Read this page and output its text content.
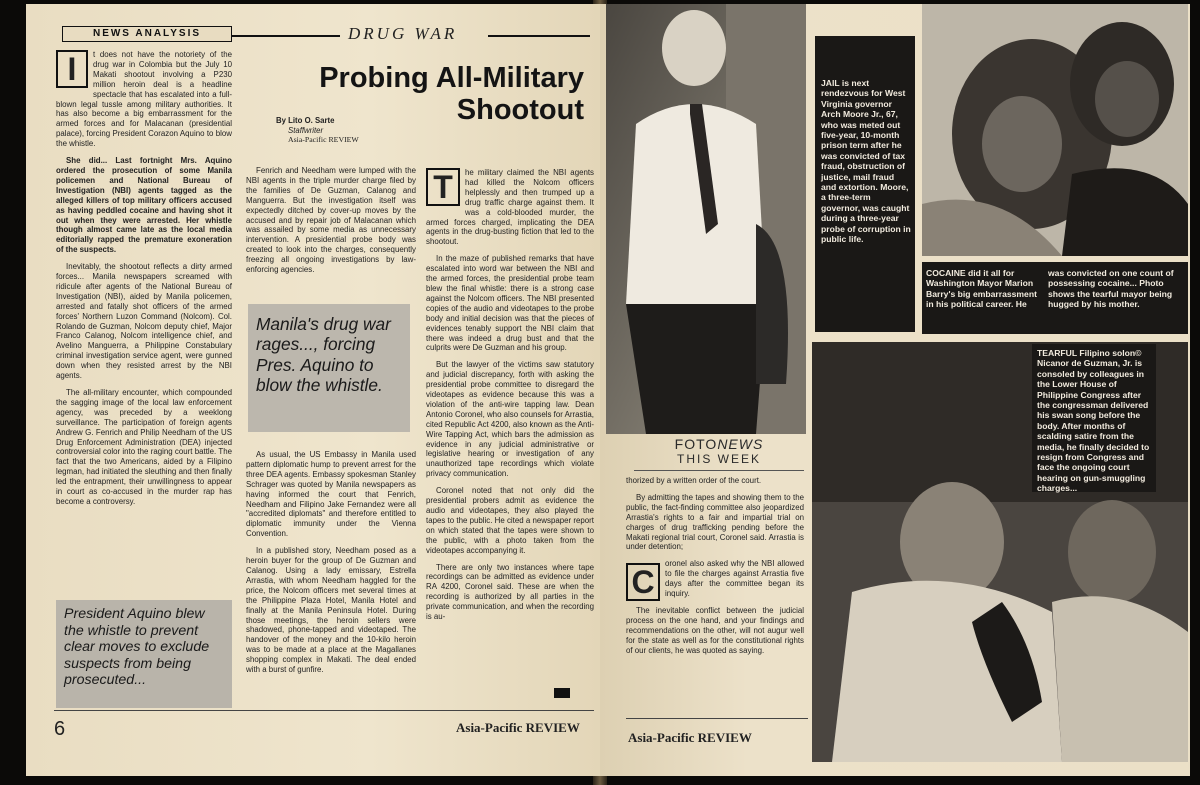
NEWS ANALYSIS	DRUG WAR
I	t does not have the notoriety of the drug war in Colombia but the July 10 Makati shootout involving a P230 million heroin deal is a headline spectacle that has escalated into a full-blown legal tussle among military authorities. It has also become a big embarrassment for the armed forces and for Malacanan (presidential palace), forcing President Corazon Aquino to blow the whistle.

She did... Last fortnight Mrs. Aquino ordered the prosecution of some Manila policemen and National Bureau of Investigation (NBI) agents tagged as the alleged killers of top military officers accused as having peddled cocaine and having shot it out when they were arrested. Her whistle though almost came late as the local media editorially rapped the premature exoneration of the suspects.

Inevitably, the shootout reflects a dirty armed forces... Manila newspapers screamed with ridicule after agents of the National Bureau of Investigation (NBI), aided by Manila policemen, arrested and fatally shot officers of the armed forces' Northern Luzon Command (Nolcom). Col. Rolando de Guzman, Nolcom deputy chief, Major Franco Calanog, Nolcom intelligence chief, and Avelino Manguerra, a Philippine Constabulary criminal investigation service agent, were gunned down when they resisted arrest by the NBI agents.

The all-military encounter, which compounded the sagging image of the local law enforcement agency, was preceded by a weeklong surveillance. The participation of foreign agents Andrew G. Fenrich and Philip Needham of the US Drug Enforcement Administration (DEA) injected controversial color into the raging court battle. The fact that the two Americans, aided by a Filipino legman, had initiated the sleuthing and then finally led the entrapment, their unwillingness to appear in court as co-accused in the murder rap has become a controversy.

President Aquino blew the whistle to prevent clear moves to exclude suspects from being prosecuted...
Probing All-Military
Shootout
By Lito O. Sarte
Staffwriter
Asia-Pacific REVIEW

Fenrich and Needham were lumped with the NBI agents in the triple murder charge filed by the families of De Guzman, Calanog and Manguerra. But the investigation itself was expectedly ditched by cover-up moves by the accused and by repair job of Malacanan which was assailed by some media as unnecessary intervention. A presidential probe body was created to look into the charges, consequently freezing all ongoing investigations by law-enforcing agencies.

Manila's drug war rages..., forcing Pres. Aquino to blow the whistle.

As usual, the US Embassy in Manila used pattern diplomatic hump to prevent arrest for the three DEA agents. Embassy spokesman Stanley Schrager was quoted by Manila newspapers as having informed the court that Fenrich, Needham and Filipino Jake Fernandez were all "accredited diplomats" and therefore entitled to diplomatic immunity under the Vienna Convention.

In a published story, Needham posed as a heroin buyer for the group of De Guzman and Calanog. Using a lady emissary, Estrella Arrastia, with whom Needham haggled for the price, the Nolcom officers met several times at the Philippine Plaza Hotel, Manila Hotel and finally at the Manila Peninsula Hotel. During those meetings, the heroin sellers were shadowed, phone-tapped and videotaped. The handover of the money and the 10-kilo heroin was to be made at a place at the Magallanes shopping complex in Makati. The deal ended with a burst of gunfire.

T	he military claimed the NBI agents had killed the Nolcom officers helplessly and then trumped up a drug traffic charge against them. It was a cold-blooded murder, the armed forces charged, implicating the DEA agents in the drug-busting fiction that led to the shootout.

In the maze of published remarks that have escalated into word war between the NBI and the armed forces, the presidential probe team blew the final whistle: there is a strong case against the Nolcom officers. The NBI presented copies of the audio and videotapes to the probe body and initial decision was that the pieces of evidences tenably support the NBI claim that there was indeed a drug bust and that the culprits were De Guzman and his group.

But the lawyer of the victims saw statutory and judicial discrepancy, forth with asking the presidential probe committee to disregard the videotapes as evidence because this was a violation of the anti-wire tapping law. Dean Antonio Coronel, who also counsels for Arrastia, cited Republic Act 4200, also known as the Anti-Wire Tapping Act, which bars the admission as evidence in any judicial administrative or legislative hearing or investigation of any unauthorized tape recordings which violate privacy communication.

Coronel noted that not only did the presidential probers admit as evidence the audio and videotapes, they also played the tapes to the public. He cited a newspaper report on which stated that the tapes were shown to the public, with a photo taken from the videotapes accompanying it.

There are only two instances where tape recordings can be admitted as evidence under RA 4200, Coronel said. These are when the recording is authorized by all parties in the private communication, and when the recording is au-

6	Asia-Pacific REVIEW
JAIL is next rendezvous for West Virginia governor Arch Moore Jr., 67, who was meted out five-year, 10-month prison term after he was convicted of tax fraud, obstruction of justice, mail fraud and extortion. Moore, a three-term governor, was caught during a three-year probe of corruption in public life.
COCAINE did it all for Washington Mayor Marion Barry's big embarrassment in his political career. He
was convicted on one count of possessing cocaine... Photo shows the tearful mayor being hugged by his mother.
FOTONEWS
THIS WEEK

thorized by a written order of the court.

By admitting the tapes and showing them to the public, the fact-finding committee also jeopardized Arrastia's rights to a fair and impartial trial on charges of drug trafficking pending before the Makati regional trial court, Coronel said. Arrastia is under detention;

C

oronel also asked why the NBI allowed to file the charges against Arrastia five days after the committee began its inquiry.

The inevitable conflict between the judicial process on the one hand, and your findings and recommendations on the other, will not augur well for the state as well as for the constitutional rights of our clients, he was quoted as saying.

TEARFUL Filipino solon© Nicanor de Guzman, Jr. is consoled by colleagues in the Lower House of Philippine Congress after the congressman delivered his swan song before the body. After months of scalding satire from the media, he finally decided to resign from Congress and face the ongoing court hearing on gun-smuggling charges...
Asia-Pacific REVIEW
